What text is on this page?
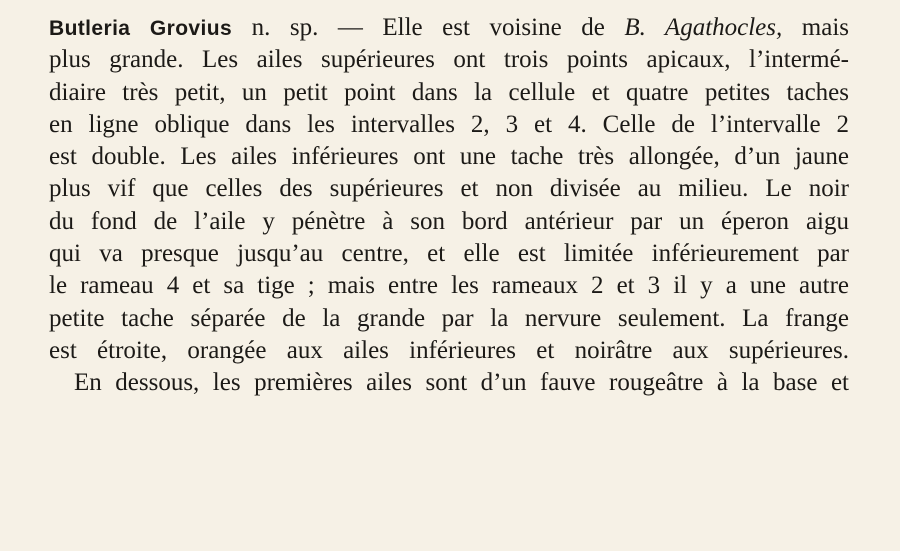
Butleria Grovius n. sp. — Elle est voisine de B. Agathocles, mais
plus grande. Les ailes supérieures ont trois points apicaux, l’intermé-
diaire très petit, un petit point dans la cellule et quatre petites taches
en ligne oblique dans les intervalles 2, 3 et 4. Celle de l’intervalle 2
est double. Les ailes inférieures ont une tache très allongée, d’un jaune
plus vif que celles des supérieures et non divisée au milieu. Le noir
du fond de l’aile y pénètre à son bord antérieur par un éperon aigu
qui va presque jusqu’au centre, et elle est limitée inférieurement par
le rameau 4 et sa tige ; mais entre les rameaux 2 et 3 il y a une autre
petite tache séparée de la grande par la nervure seulement. La frange
est étroite, orangée aux ailes inférieures et noirâtre aux supérieures.
En dessous, les premières ailes sont d’un fauve rougeâtre à la base et
